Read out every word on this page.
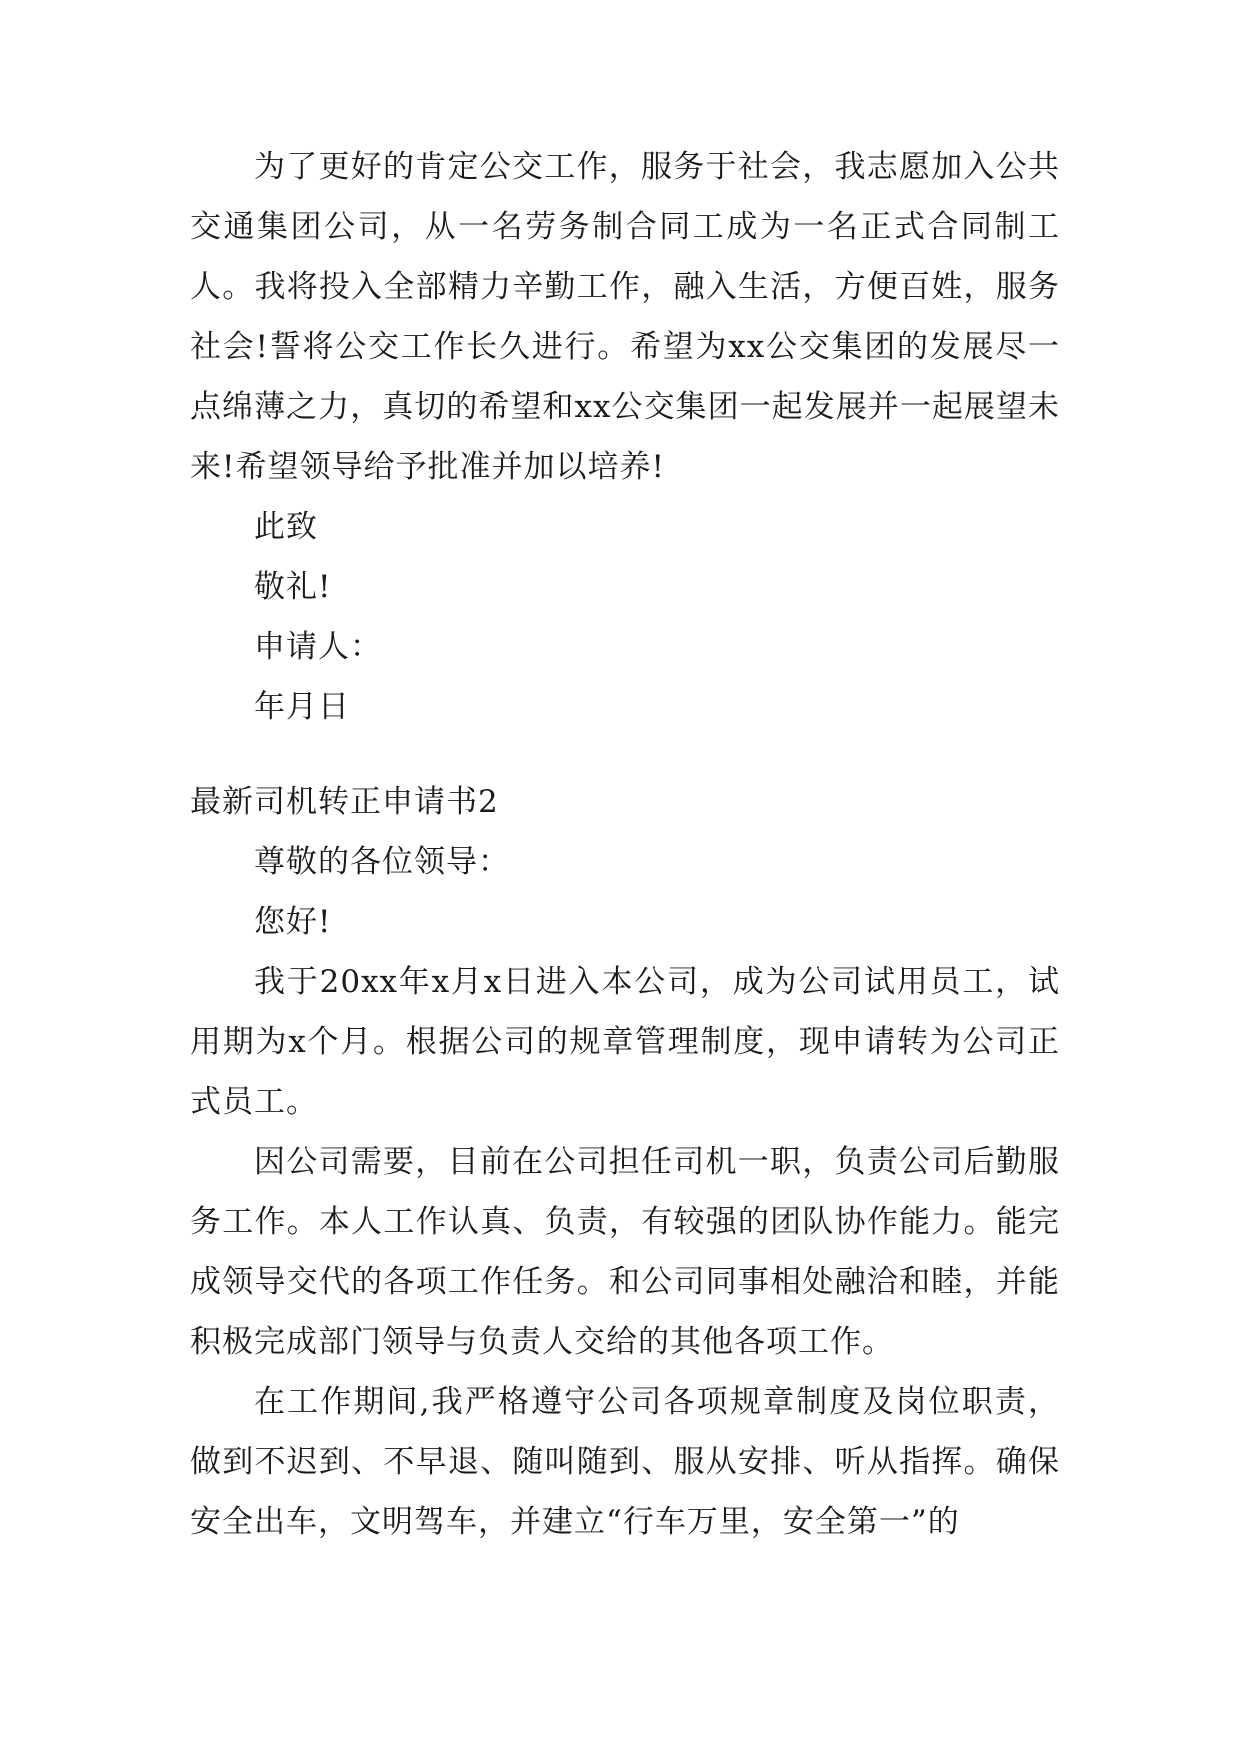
为了更好的肯定公交工作，服务于社会，我志愿加入公共交通集团公司，从一名劳务制合同工成为一名正式合同制工人。我将投入全部精力辛勤工作，融入生活，方便百姓，服务社会!誓将公交工作长久进行。希望为xx公交集团的发展尽一点绵薄之力，真切的希望和xx公交集团一起发展并一起展望未来!希望领导给予批准并加以培养!

此致

敬礼!

申请人：

年月日

最新司机转正申请书2

尊敬的各位领导：

您好!

我于20xx年x月x日进入本公司，成为公司试用员工，试用期为x个月。根据公司的规章管理制度，现申请转为公司正式员工。

因公司需要，目前在公司担任司机一职，负责公司后勤服务工作。本人工作认真、负责，有较强的团队协作能力。能完成领导交代的各项工作任务。和公司同事相处融洽和睦，并能积极完成部门领导与负责人交给的其他各项工作。

在工作期间,我严格遵守公司各项规章制度及岗位职责，做到不迟到、不早退、随叫随到、服从安排、听从指挥。确保安全出车，文明驾车，并建立“行车万里，安全第一”的
